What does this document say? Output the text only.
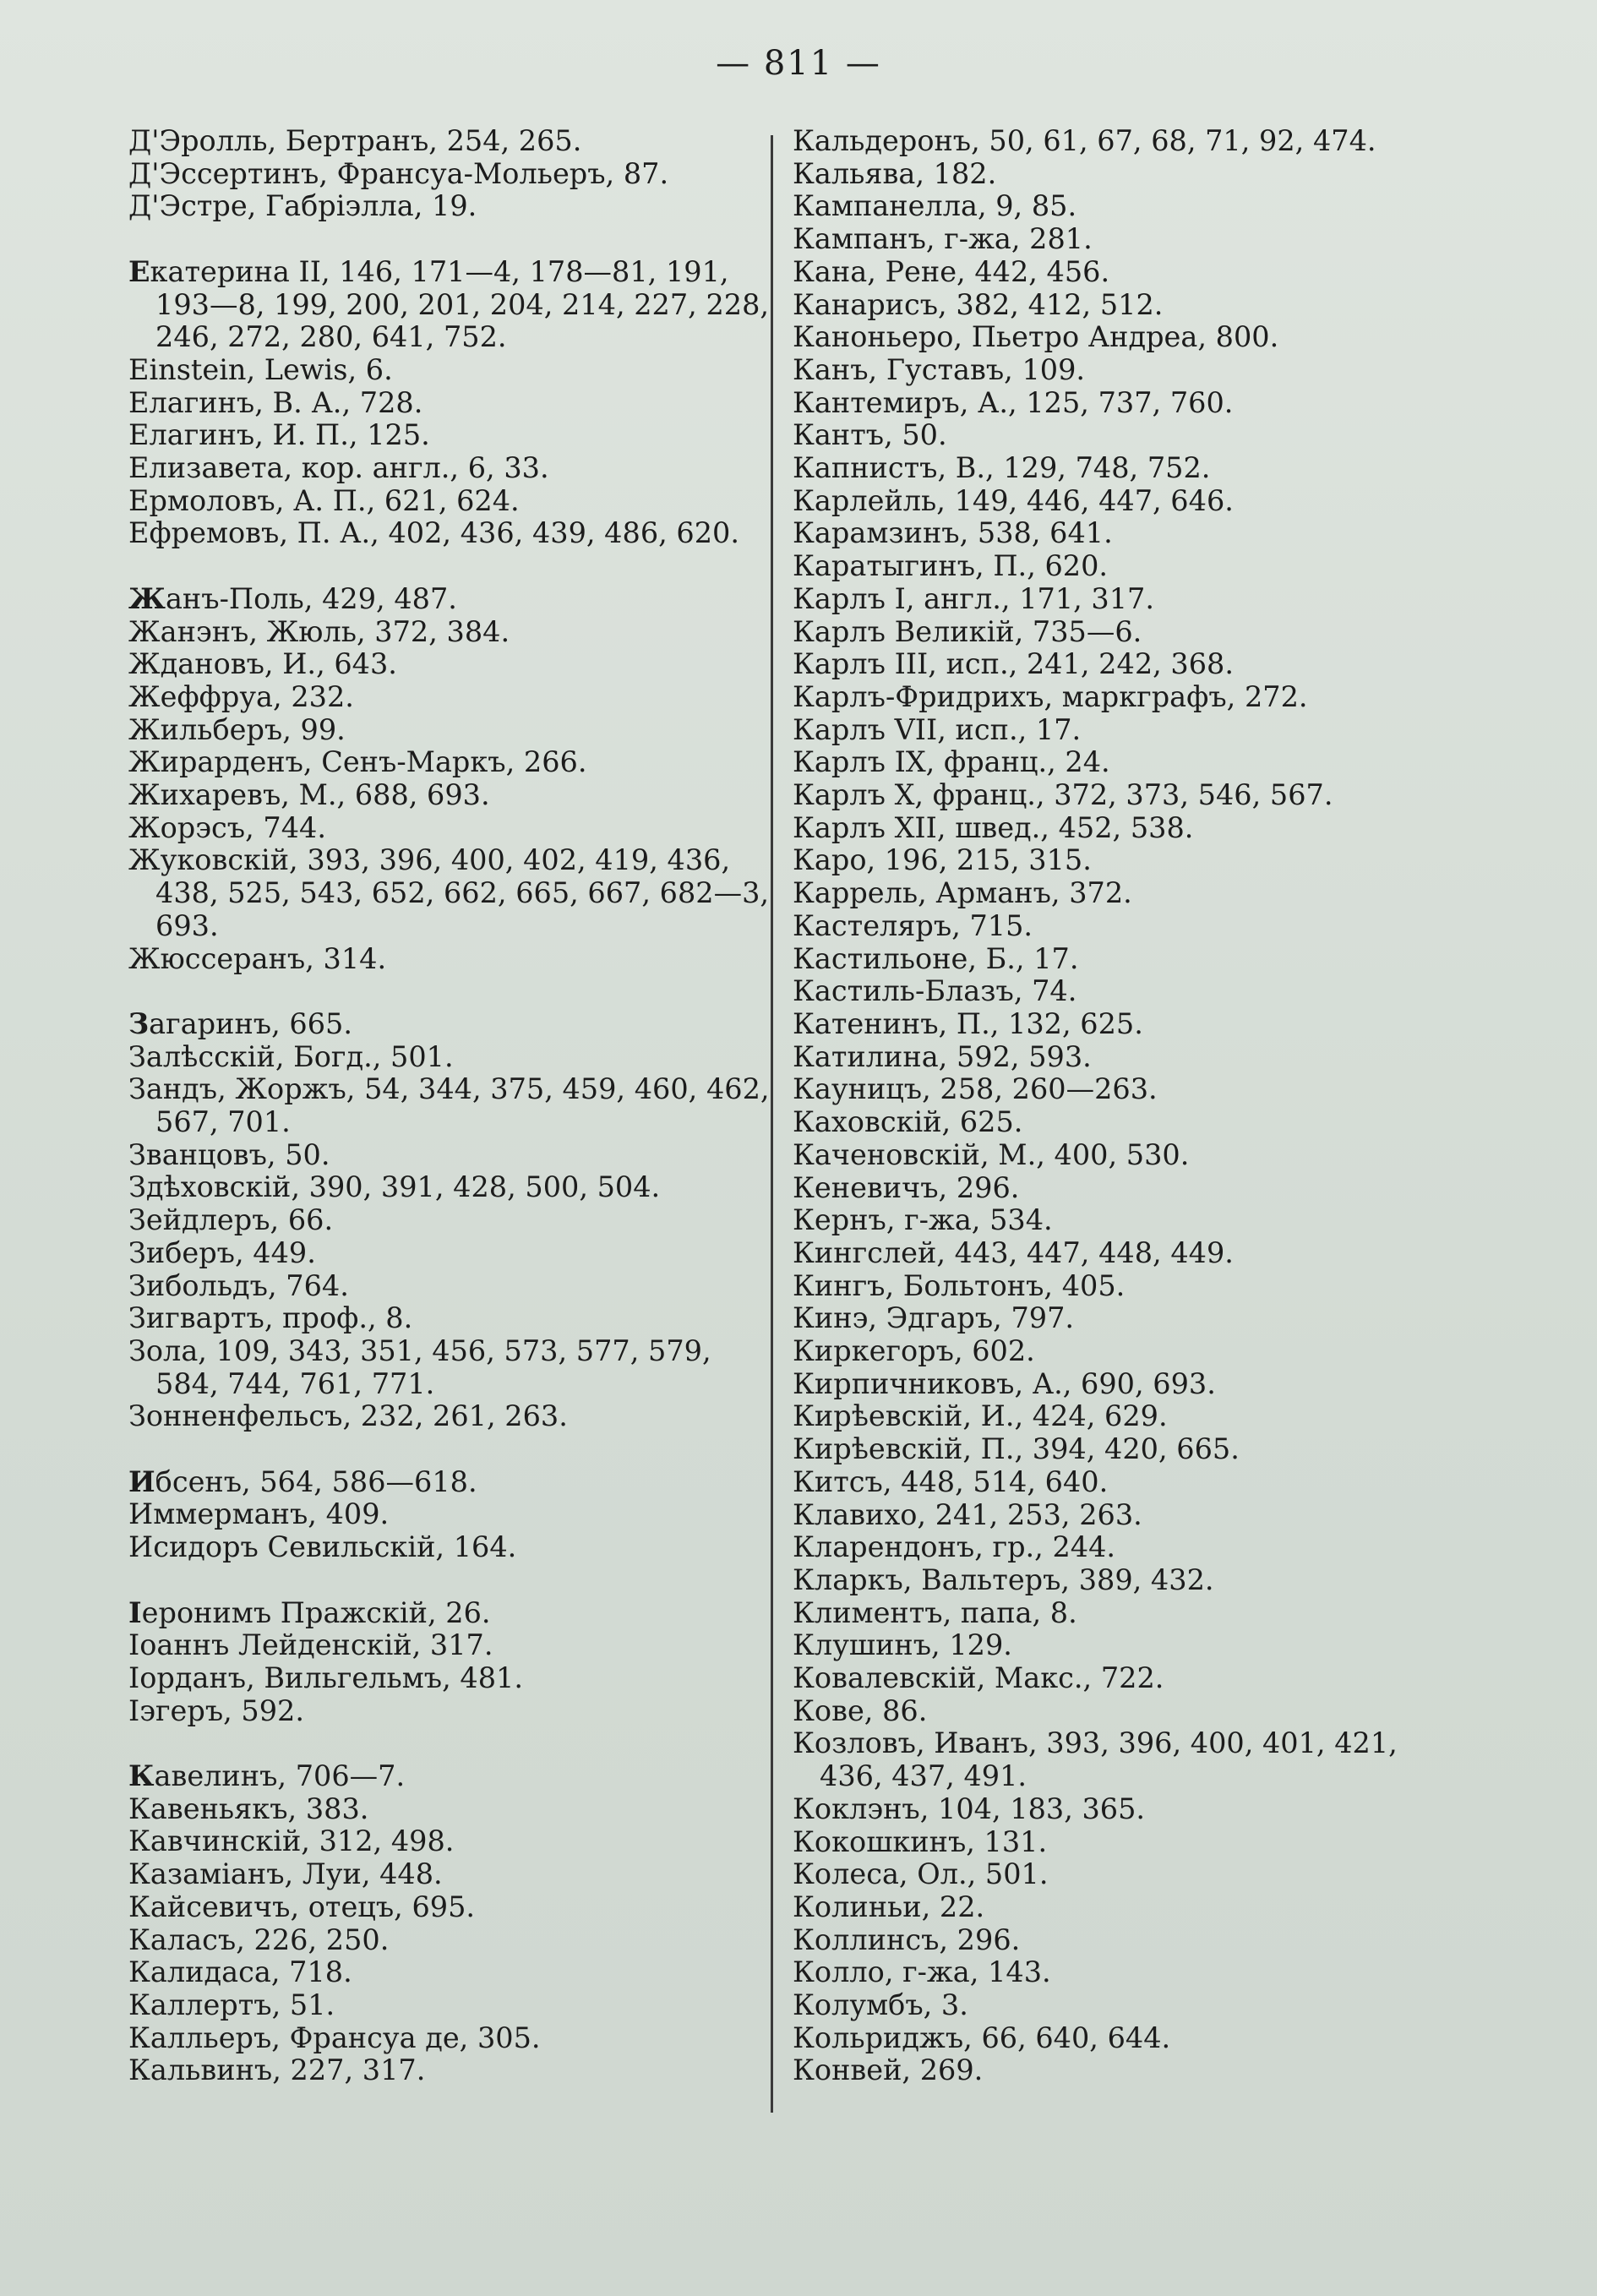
— 811 —

Д'Эролль, Бертранъ, 254, 265.

Д'Эссертинъ, Франсуа-Мольеръ, 87.

Д'Эстре, Габріэлла, 19.

Екатерина II, 146, 171—4, 178—81, 191, 193—8, 199, 200, 201, 204, 214, 227, 228, 246, 272, 280, 641, 752.

Einstein, Lewis, 6.

Елагинъ, В. А., 728.

Елагинъ, И. П., 125.

Елизавета, кор. англ., 6, 33.

Ермоловъ, А. П., 621, 624.

Ефремовъ, П. А., 402, 436, 439, 486, 620.

Жанъ-Поль, 429, 487.

Жанэнъ, Жюль, 372, 384.

Ждановъ, И., 643.

Жеффруа, 232.

Жильберъ, 99.

Жирарденъ, Сенъ-Маркъ, 266.

Жихаревъ, М., 688, 693.

Жорэсъ, 744.

Жуковскій, 393, 396, 400, 402, 419, 436, 438, 525, 543, 652, 662, 665, 667, 682—3, 693.

Жюссеранъ, 314.

Загаринъ, 665.

Залѣсскій, Богд., 501.

Зандъ, Жоржъ, 54, 344, 375, 459, 460, 462, 567, 701.

Званцовъ, 50.

Здѣховскій, 390, 391, 428, 500, 504.

Зейдлеръ, 66.

Зиберъ, 449.

Зибольдъ, 764.

Зигвартъ, проф., 8.

Зола, 109, 343, 351, 456, 573, 577, 579, 584, 744, 761, 771.

Зонненфельсъ, 232, 261, 263.

Ибсенъ, 564, 586—618.

Иммерманъ, 409.

Исидоръ Севильскій, 164.

Іеронимъ Пражскій, 26.

Іоаннъ Лейденскій, 317.

Іорданъ, Вильгельмъ, 481.

Іэгеръ, 592.

Кавелинъ, 706—7.

Кавеньякъ, 383.

Кавчинскій, 312, 498.

Казаміанъ, Луи, 448.

Кайсевичъ, отецъ, 695.

Каласъ, 226, 250.

Калидаса, 718.

Каллертъ, 51.

Калльеръ, Франсуа де, 305.

Кальвинъ, 227, 317.

Кальдеронъ, 50, 61, 67, 68, 71, 92, 474.

Кальява, 182.

Кампанелла, 9, 85.

Кампанъ, г-жа, 281.

Кана, Рене, 442, 456.

Канарисъ, 382, 412, 512.

Каноньеро, Пьетро Андреа, 800.

Канъ, Густавъ, 109.

Кантемиръ, А., 125, 737, 760.

Кантъ, 50.

Капнистъ, В., 129, 748, 752.

Карлейль, 149, 446, 447, 646.

Карамзинъ, 538, 641.

Каратыгинъ, П., 620.

Карлъ I, англ., 171, 317.

Карлъ Великій, 735—6.

Карлъ III, исп., 241, 242, 368.

Карлъ-Фридрихъ, маркграфъ, 272.

Карлъ VII, исп., 17.

Карлъ IX, франц., 24.

Карлъ X, франц., 372, 373, 546, 567.

Карлъ XII, швед., 452, 538.

Каро, 196, 215, 315.

Каррель, Арманъ, 372.

Кастеляръ, 715.

Кастильоне, Б., 17.

Кастиль-Блазъ, 74.

Катенинъ, П., 132, 625.

Катилина, 592, 593.

Кауницъ, 258, 260—263.

Каховскій, 625.

Каченовскій, М., 400, 530.

Кеневичъ, 296.

Кернъ, г-жа, 534.

Кингслей, 443, 447, 448, 449.

Кингъ, Больтонъ, 405.

Кинэ, Эдгаръ, 797.

Киркегоръ, 602.

Кирпичниковъ, А., 690, 693.

Кирѣевскій, И., 424, 629.

Кирѣевскій, П., 394, 420, 665.

Китсъ, 448, 514, 640.

Клавихо, 241, 253, 263.

Кларендонъ, гр., 244.

Кларкъ, Вальтеръ, 389, 432.

Климентъ, папа, 8.

Клушинъ, 129.

Ковалевскій, Макс., 722.

Кове, 86.

Козловъ, Иванъ, 393, 396, 400, 401, 421, 436, 437, 491.

Коклэнъ, 104, 183, 365.

Кокошкинъ, 131.

Колеса, Ол., 501.

Колиньи, 22.

Коллинсъ, 296.

Колло, г-жа, 143.

Колумбъ, 3.

Кольриджъ, 66, 640, 644.

Конвей, 269.
